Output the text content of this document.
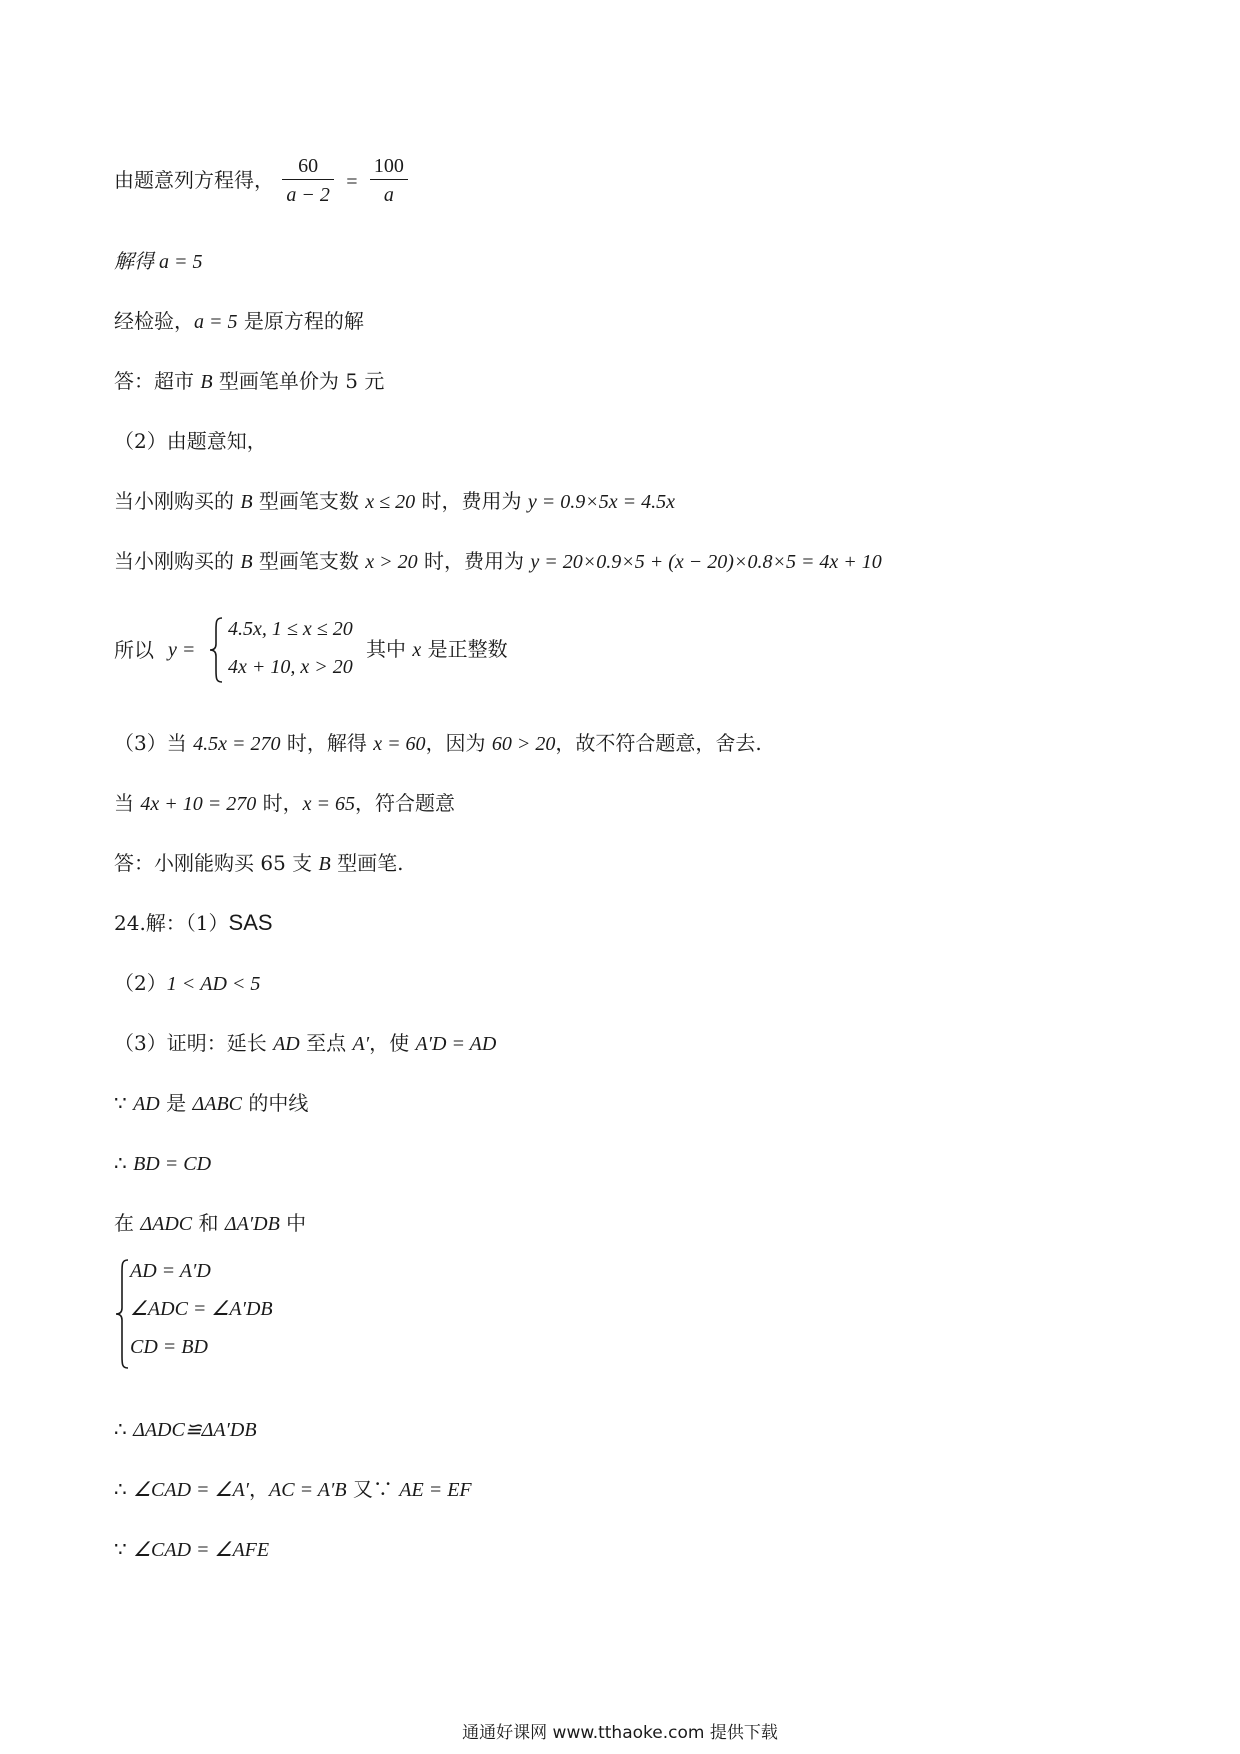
由题意列方程得， $\frac{60}{a - 2} = \frac{100}{a}$
解得 a = 5
经检验，a = 5 是原方程的解
答：超市 B 型画笔单价为 5 元
（2）由题意知，
当小刚购买的 B 型画笔支数 x ≤ 20 时，费用为 y = 0.9×5x = 4.5x
当小刚购买的 B 型画笔支数 x > 20 时，费用为 y = 20×0.9×5 + (x − 20)×0.8×5 = 4x + 10
所以 y =
4.5x, 1 ≤ x ≤ 20
4x + 10, x > 20
其中 x 是正整数
（3）当 4.5x = 270 时，解得 x = 60，因为 60 > 20，故不符合题意，舍去.
当 4x + 10 = 270 时，x = 65，符合题意
答：小刚能购买 65 支 B 型画笔.
24.解：（1）SAS
（2）1 < AD < 5
（3）证明：延长 AD 至点 A′，使 A′D = AD
∵ AD 是 ΔABC 的中线
∴ BD = CD
在 ΔADC 和 ΔA′DB 中
AD = A′D
∠ADC = ∠A′DB
CD = BD
∴ ΔADC≌ΔA′DB
∴ ∠CAD = ∠A′，AC = A′B 又∵ AE = EF
∵ ∠CAD = ∠AFE
通通好课网 www.tthaoke.com 提供下载
